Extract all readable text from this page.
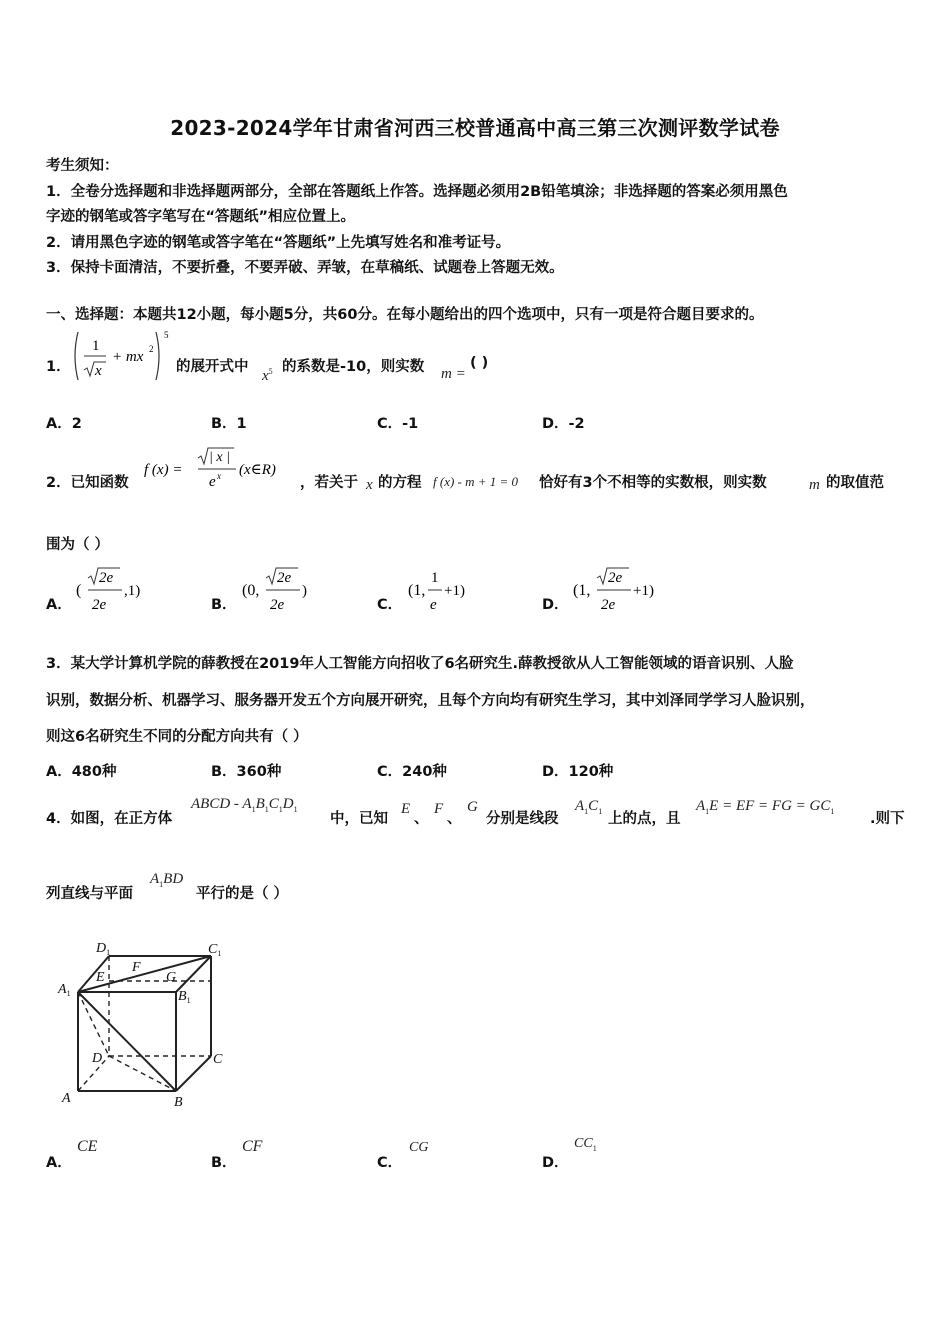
2023-2024学年甘肃省河西三校普通高中高三第三次测评数学试卷
考生须知：
1．全卷分选择题和非选择题两部分，全部在答题纸上作答。选择题必须用2B铅笔填涂；非选择题的答案必须用黑色
字迹的钢笔或答字笔写在“答题纸”相应位置上。
2．请用黑色字迹的钢笔或答字笔在“答题纸”上先填写姓名和准考证号。
3．保持卡面清洁，不要折叠，不要弄破、弄皱，在草稿纸、试题卷上答题无效。
一、选择题：本题共12小题，每小题5分，共60分。在每小题给出的四个选项中，只有一项是符合题目要求的。
1．
1
x
+ mx 2
5
的展开式中
$x^5$ 的系数是-10，则实数 m =
( )
A．2	B．1	C．-1	D．-2
2．已知函数
f (x) =
| x |
e x (x∈R)
，若关于 x 的方程 f (x) - m + 1 = 0 恰好有3个不相等的实数根，则实数	m 的取值范
围为（ ）
A．
(
2e
2e
,1)
B．
(0,
2e
2e
)
C．
(1,
1
e
+1)
D．
(1,
2e
2e
+1)
3．某大学计算机学院的薛教授在2019年人工智能方向招收了6名研究生.薛教授欲从人工智能领域的语音识别、人脸
识别，数据分析、机器学习、服务器开发五个方向展开研究，且每个方向均有研究生学习，其中刘泽同学学习人脸识别，
则这6名研究生不同的分配方向共有（ ）
A．480种	B．360种	C．240种	D．120种
4．如图，在正方体
ABCD - $A_1B_1C_1D_1$
中，已知
E
、
F
、
G
分别是线段
$A_1C_1$ 上的点，且
$A_1E$ = EF = FG = $GC_1$ .则下
列直线与平面
$A_1BD$
平行的是（ ）
$D_1$	$C_1$
$A_1$	$B_1$
E
F
G
D	C
A	B
A．
CE
B．
CF
C．
CG
D．
$CC_1$
